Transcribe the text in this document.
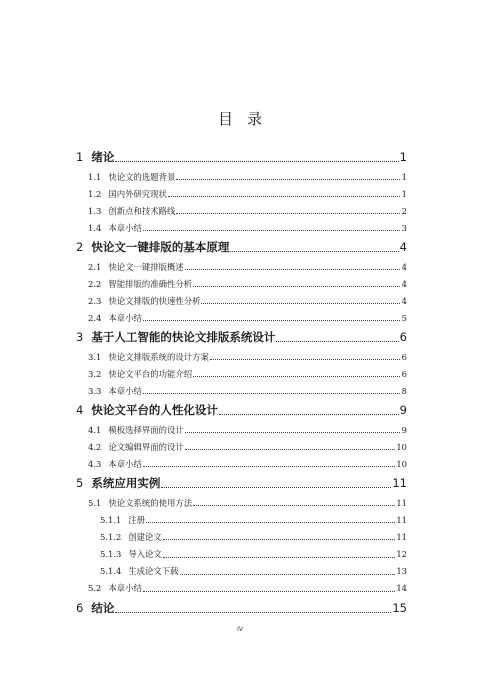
目录
1 绪论	1
1.1 快论文的选题背景	1
1.2 国内外研究现状	1
1.3 创新点和技术路线	2
1.4 本章小结	3
2 快论文一键排版的基本原理	4
2.1 快论文一键排版概述	4
2.2 智能排版的准确性分析	4
2.3 快论文排版的快速性分析	4
2.4 本章小结	5
3 基于人工智能的快论文排版系统设计	6
3.1 快论文排版系统的设计方案	6
3.2 快论文平台的功能介绍	6
3.3 本章小结	8
4 快论文平台的人性化设计	9
4.1 模板选择界面的设计	9
4.2 论文编辑界面的设计	10
4.3 本章小结	10
5 系统应用实例	11
5.1 快论文系统的使用方法	11
5.1.1 注册	11
5.1.2 创建论文	11
5.1.3 导入论文	12
5.1.4 生成论文下载	13
5.2 本章小结	14
6 结论	15
IV
